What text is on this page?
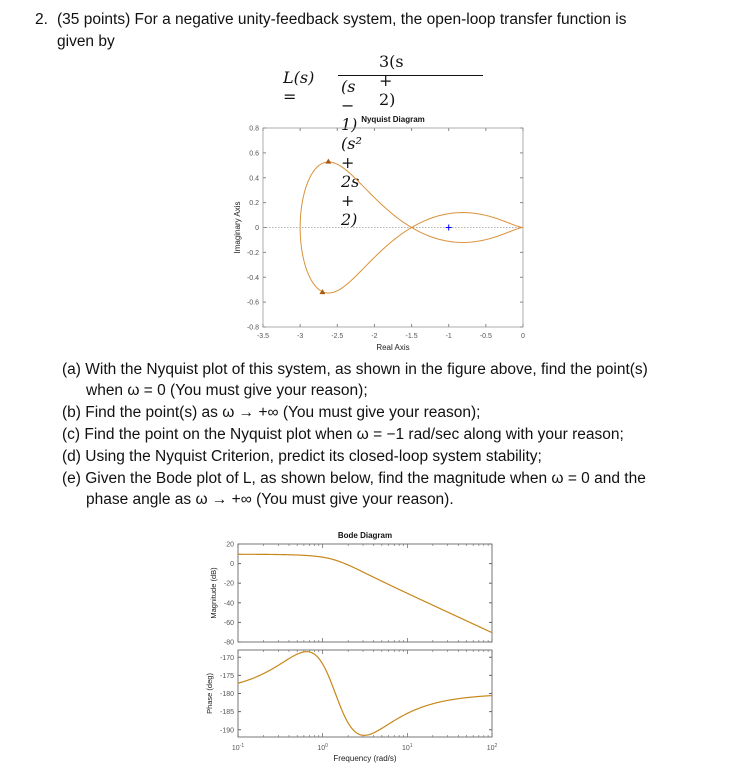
2. (35 points) For a negative unity-feedback system, the open-loop transfer function is
given by
L(s) =
3(s + 2)
(s − 1)(s² + 2s + 2)
(a) With the Nyquist plot of this system, as shown in the figure above, find the point(s)
when ω = 0 (You must give your reason);
(b) Find the point(s) as ω → +∞ (You must give your reason);
(c) Find the point on the Nyquist plot when ω = −1 rad/sec along with your reason;
(d) Using the Nyquist Criterion, predict its closed-loop system stability;
(e) Given the Bode plot of L, as shown below, find the magnitude when ω = 0 and the
phase angle as ω → +∞ (You must give your reason).
Nyquist Diagram
-3.5	-3	-2.5	-2	-1.5	-1	-0.5	0
0.8
0.6
0.4
0.2
0
-0.2
-0.4
-0.6
-0.8
Real Axis
Imaginary Axis
Bode Diagram
20
0
-20
-40
-60
-80
-170
-175
-180
-185
-190
$10^{-1}$	$10^0$	$10^1$	$10^2$
Frequency (rad/s)
Magnitude (dB)
Phase (deg)
